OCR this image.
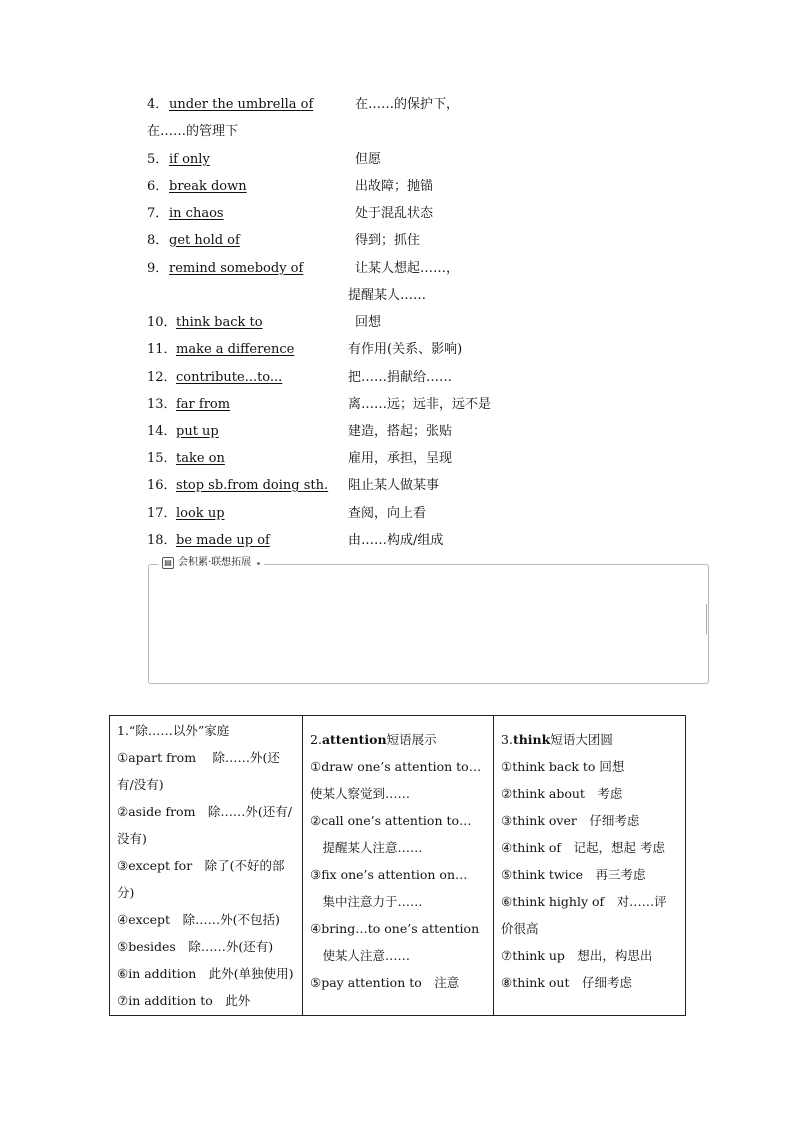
4． under the umbrella of	在……的保护下，
在……的管理下
5． if only	但愿
6． break down	出故障；抛锚
7． in chaos	处于混乱状态
8． get hold of	得到；抓住
9． remind somebody of	让某人想起……，
提醒某人……
10． think back to	回想
11． make a difference	有作用(关系、影响)
12． contribute...to...	把……捐献给……
13． far from	离……远；远非，远不是
14． put up	建造，搭起；张贴
15． take on	雇用，承担，呈现
16． stop sb.from doing sth. 阻止某人做某事
17． look up	查阅，向上看
18． be made up of	由……构成/组成
▤ 会积累·联想拓展
1.“除……以外”家庭
①apart from　 除……外(还
有/没有)
②aside from　除……外(还有/
没有)
③except for　除了(不好的部
分)
④except　除……外(不包括)
⑤besides　除……外(还有)
⑥in addition　此外(单独使用)
⑦in addition to　此外

2.attention短语展示
①draw one’s attention to…
使某人察觉到……
②call one’s attention to…
　提醒某人注意……
③fix one’s attention on…
　集中注意力于……
④bring…to one’s attention
　使某人注意……
⑤pay attention to　注意

3.think短语大团圆
①think back to 回想
②think about　考虑
③think over　仔细考虑
④think of　记起，想起 考虑
⑤think twice　再三考虑
⑥think highly of　对……评
价很高
⑦think up　想出，构思出
⑧think out　仔细考虑
